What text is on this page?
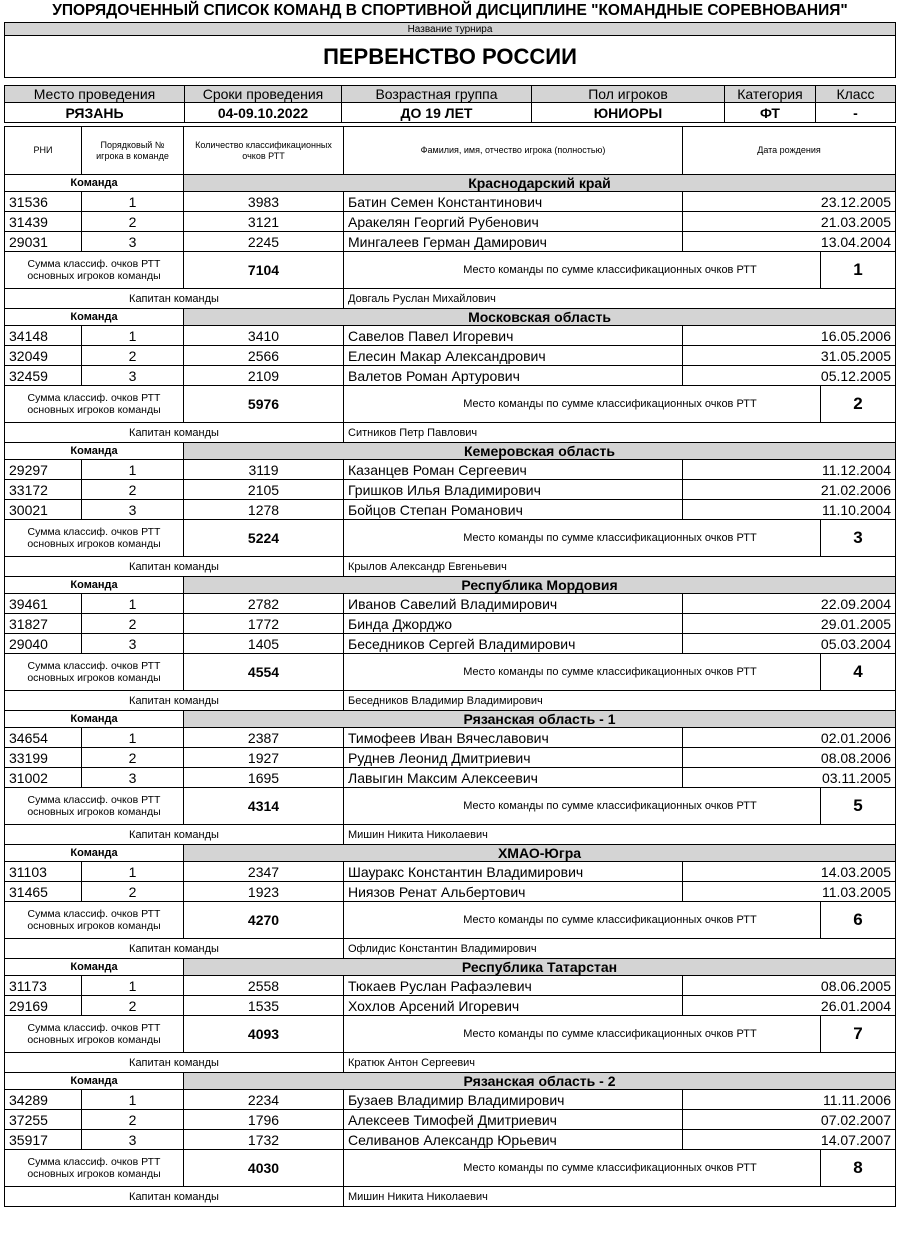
УПОРЯДОЧЕННЫЙ СПИСОК КОМАНД В СПОРТИВНОЙ ДИСЦИПЛИНЕ "КОМАНДНЫЕ СОРЕВНОВАНИЯ"
Название турнира					
ПЕРВЕНСТВО РОССИИ					

Место проведения	Сроки проведения	Возрастная группа	Пол игроков	Категория	Класс
РЯЗАНЬ	04-09.10.2022	ДО 19 ЛЕТ	ЮНИОРЫ	ФТ	-
РНИ	Порядковый № игрока в команде	Количество классификационных очков РТТ	Фамилия, имя, отчество игрока (полностью)	Дата рождения	
Команда		Краснодарский край			
31536	1	3983	Батин Семен Константинович	23.12.2005	
31439	2	3121	Аракелян Георгий Рубенович	21.03.2005	
29031	3	2245	Мингалеев Герман Дамирович	13.04.2004	
Сумма классиф. очков РТТ основных игроков команды		7104	Место команды по сумме классификационных очков РТТ		1
Капитан команды			Довгаль Руслан Михайлович		
Команда		Московская область			
34148	1	3410	Савелов Павел Игоревич	16.05.2006	
32049	2	2566	Елесин Макар Александрович	31.05.2005	
32459	3	2109	Валетов Роман Артурович	05.12.2005	
Сумма классиф. очков РТТ основных игроков команды		5976	Место команды по сумме классификационных очков РТТ		2
Капитан команды			Ситников Петр Павлович		
Команда		Кемеровская область			
29297	1	3119	Казанцев Роман Сергеевич	11.12.2004	
33172	2	2105	Гришков Илья Владимирович	21.02.2006	
30021	3	1278	Бойцов Степан Романович	11.10.2004	
Сумма классиф. очков РТТ основных игроков команды		5224	Место команды по сумме классификационных очков РТТ		3
Капитан команды			Крылов Александр Евгеньевич		
Команда		Республика Мордовия			
39461	1	2782	Иванов Савелий Владимирович	22.09.2004	
31827	2	1772	Бинда Джорджо	29.01.2005	
29040	3	1405	Беседников Сергей Владимирович	05.03.2004	
Сумма классиф. очков РТТ основных игроков команды		4554	Место команды по сумме классификационных очков РТТ		4
Капитан команды			Беседников Владимир Владимирович		
Команда		Рязанская область - 1			
34654	1	2387	Тимофеев Иван Вячеславович	02.01.2006	
33199	2	1927	Руднев Леонид Дмитриевич	08.08.2006	
31002	3	1695	Лавыгин Максим Алексеевич	03.11.2005	
Сумма классиф. очков РТТ основных игроков команды		4314	Место команды по сумме классификационных очков РТТ		5
Капитан команды			Мишин Никита Николаевич		
Команда		ХМАО-Югра			
31103	1	2347	Шауракс Константин Владимирович	14.03.2005	
31465	2	1923	Ниязов Ренат Альбертович	11.03.2005	
Сумма классиф. очков РТТ основных игроков команды		4270	Место команды по сумме классификационных очков РТТ		6
Капитан команды			Офлидис Константин Владимирович		
Команда		Республика Татарстан			
31173	1	2558	Тюкаев Руслан Рафаэлевич	08.06.2005	
29169	2	1535	Хохлов Арсений Игоревич	26.01.2004	
Сумма классиф. очков РТТ основных игроков команды		4093	Место команды по сумме классификационных очков РТТ		7
Капитан команды			Кратюк Антон Сергеевич		
Команда		Рязанская область - 2			
34289	1	2234	Бузаев Владимир Владимирович	11.11.2006	
37255	2	1796	Алексеев Тимофей Дмитриевич	07.02.2007	
35917	3	1732	Селиванов Александр Юрьевич	14.07.2007	
Сумма классиф. очков РТТ основных игроков команды		4030	Место команды по сумме классификационных очков РТТ		8
Капитан команды			Мишин Никита Николаевич		
